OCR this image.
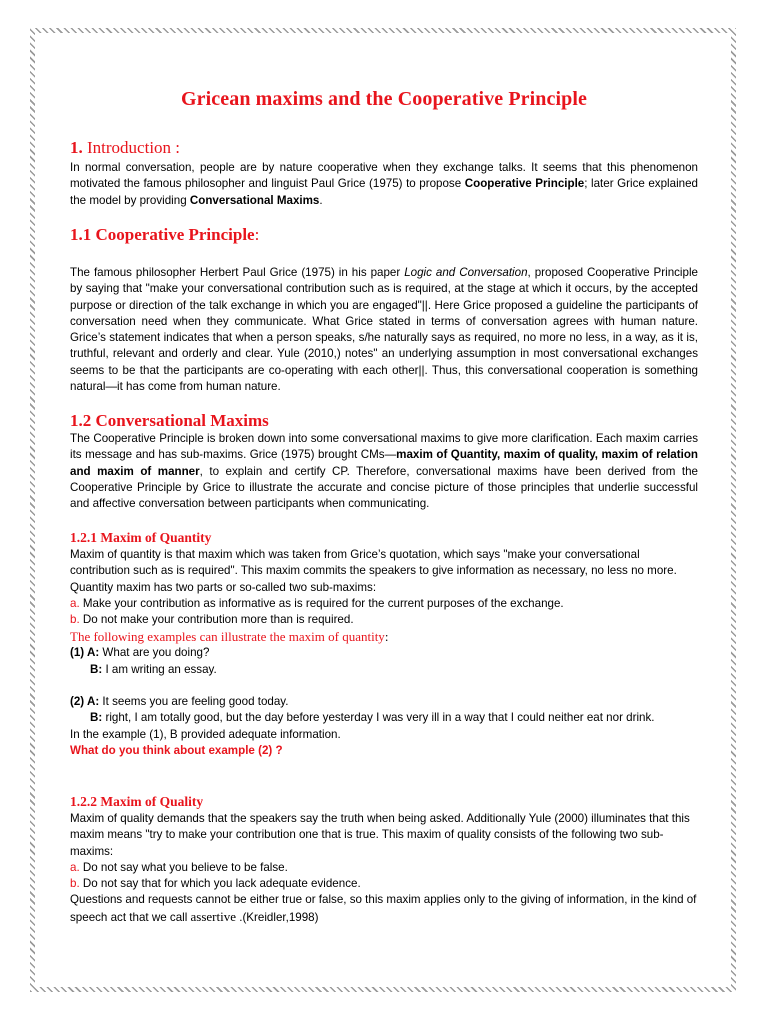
Gricean maxims and the Cooperative Principle
1. Introduction :

In normal conversation, people are by nature cooperative when they exchange talks. It seems that this phenomenon motivated the famous philosopher and linguist Paul Grice (1975) to propose Cooperative Principle; later Grice explained the model by providing Conversational Maxims.

1.1 Cooperative Principle:

The famous philosopher Herbert Paul Grice (1975) in his paper Logic and Conversation, proposed Cooperative Principle by saying that "make your conversational contribution such as is required, at the stage at which it occurs, by the accepted purpose or direction of the talk exchange in which you are engaged"||. Here Grice proposed a guideline the participants of conversation need when they communicate. What Grice stated in terms of conversation agrees with human nature. Grice’s statement indicates that when a person speaks, s/he naturally says as required, no more no less, in a way, as it is, truthful, relevant and orderly and clear. Yule (2010,) notes" an underlying assumption in most conversational exchanges seems to be that the participants are co-operating with each other||. Thus, this conversational cooperation is something natural—it has come from human nature.

1.2 Conversational Maxims

The Cooperative Principle is broken down into some conversational maxims to give more clarification. Each maxim carries its message and has sub-maxims. Grice (1975) brought CMs—maxim of Quantity, maxim of quality, maxim of relation and maxim of manner, to explain and certify CP. Therefore, conversational maxims have been derived from the Cooperative Principle by Grice to illustrate the accurate and concise picture of those principles that underlie successful and affective conversation between participants when communicating.

1.2.1 Maxim of Quantity

Maxim of quantity is that maxim which was taken from Grice’s quotation, which says "make your conversational contribution such as is required". This maxim commits the speakers to give information as necessary, no less no more. Quantity maxim has two parts or so-called two sub-maxims:

a. Make your contribution as informative as is required for the current purposes of the exchange.

b. Do not make your contribution more than is required.

The following examples can illustrate the maxim of quantity:

(1) A: What are you doing?

B: I am writing an essay.

(2) A: It seems you are feeling good today.

B: right, I am totally good, but the day before yesterday I was very ill in a way that I could neither eat nor drink.

In the example (1), B provided adequate information.

What do you think about example (2) ?

1.2.2 Maxim of Quality

Maxim of quality demands that the speakers say the truth when being asked. Additionally Yule (2000) illuminates that this maxim means "try to make your contribution one that is true. This maxim of quality consists of the following two sub-maxims:

a. Do not say what you believe to be false.

b. Do not say that for which you lack adequate evidence.

Questions and requests cannot be either true or false, so this maxim applies only to the giving of information, in the kind of speech act that we call assertive .(Kreidler,1998)
